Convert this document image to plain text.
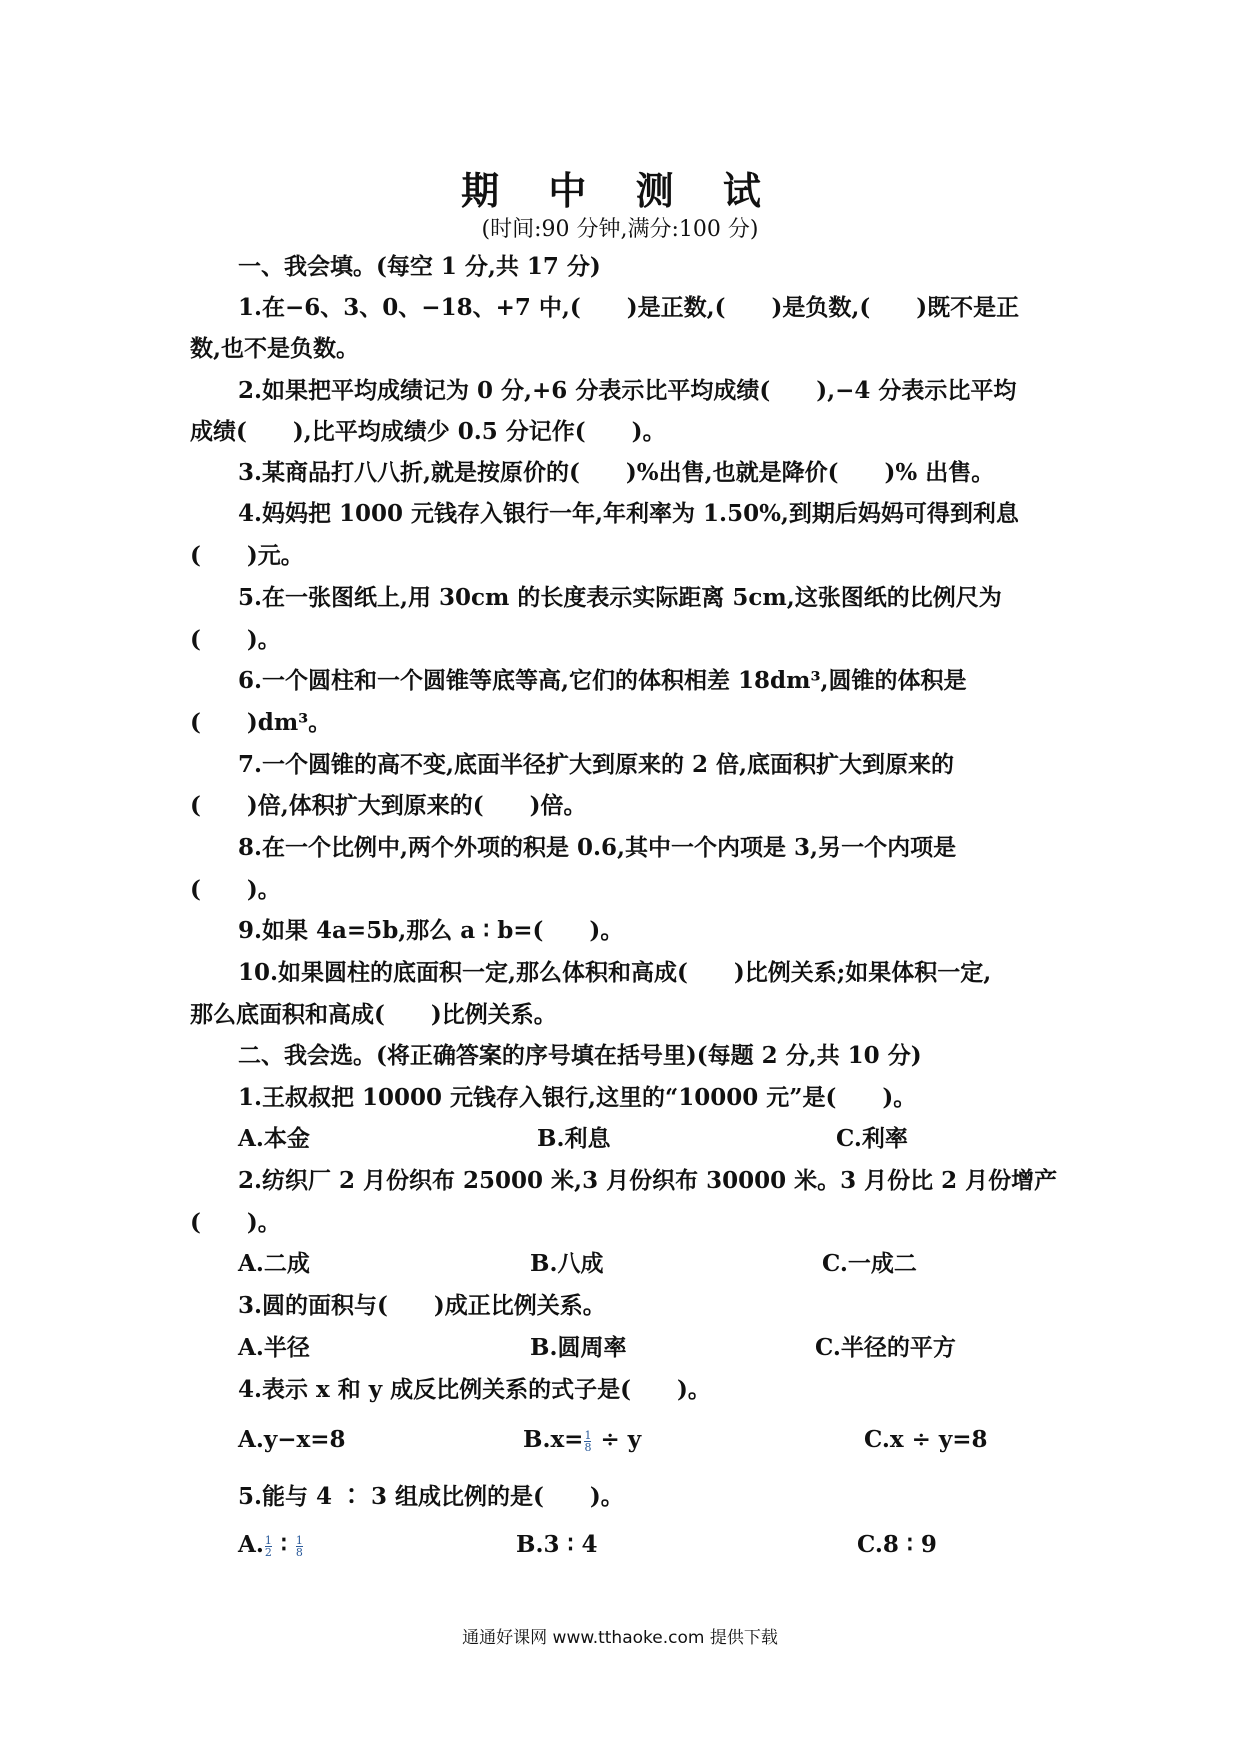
期 中 测 试
(时间:90 分钟,满分:100 分)
一、我会填。(每空 1 分,共 17 分)
1.在−6、3、0、−18、+7 中,(　　)是正数,(　　)是负数,(　　)既不是正
数,也不是负数。
2.如果把平均成绩记为 0 分,+6 分表示比平均成绩(　　),−4 分表示比平均
成绩(　　),比平均成绩少 0.5 分记作(　　)。
3.某商品打八八折,就是按原价的(　　)%出售,也就是降价(　　)% 出售。
4.妈妈把 1000 元钱存入银行一年,年利率为 1.50%,到期后妈妈可得到利息
(　　)元。
5.在一张图纸上,用 30cm 的长度表示实际距离 5cm,这张图纸的比例尺为
(　　)。
6.一个圆柱和一个圆锥等底等高,它们的体积相差 18dm³,圆锥的体积是
(　　)dm³。
7.一个圆锥的高不变,底面半径扩大到原来的 2 倍,底面积扩大到原来的
(　　)倍,体积扩大到原来的(　　)倍。
8.在一个比例中,两个外项的积是 0.6,其中一个内项是 3,另一个内项是
(　　)。
9.如果 4a=5b,那么 a ∶ b=(　　)。
10.如果圆柱的底面积一定,那么体积和高成(　　)比例关系;如果体积一定,
那么底面积和高成(　　)比例关系。
二、我会选。(将正确答案的序号填在括号里)(每题 2 分,共 10 分)
1.王叔叔把 10000 元钱存入银行,这里的“10000 元”是(　　)。
A.本金	B.利息	C.利率
2.纺织厂 2 月份织布 25000 米,3 月份织布 30000 米。3 月份比 2 月份增产
(　　)。
A.二成	B.八成	C.一成二
3.圆的面积与(　　)成正比例关系。
A.半径	B.圆周率	C.半径的平方
4.表示 x 和 y 成反比例关系的式子是(　　)。
A.y−x=8	$B.x= \frac{1}{8} \div y$	C.x ÷ y=8
5.能与 4 ∶ 3 组成比例的是(　　)。
A. $\frac{1}{2}$ ∶ $\frac{1}{8}$	B.3 ∶ 4	C.8 ∶ 9
通通好课网 www.tthaoke.com 提供下载
